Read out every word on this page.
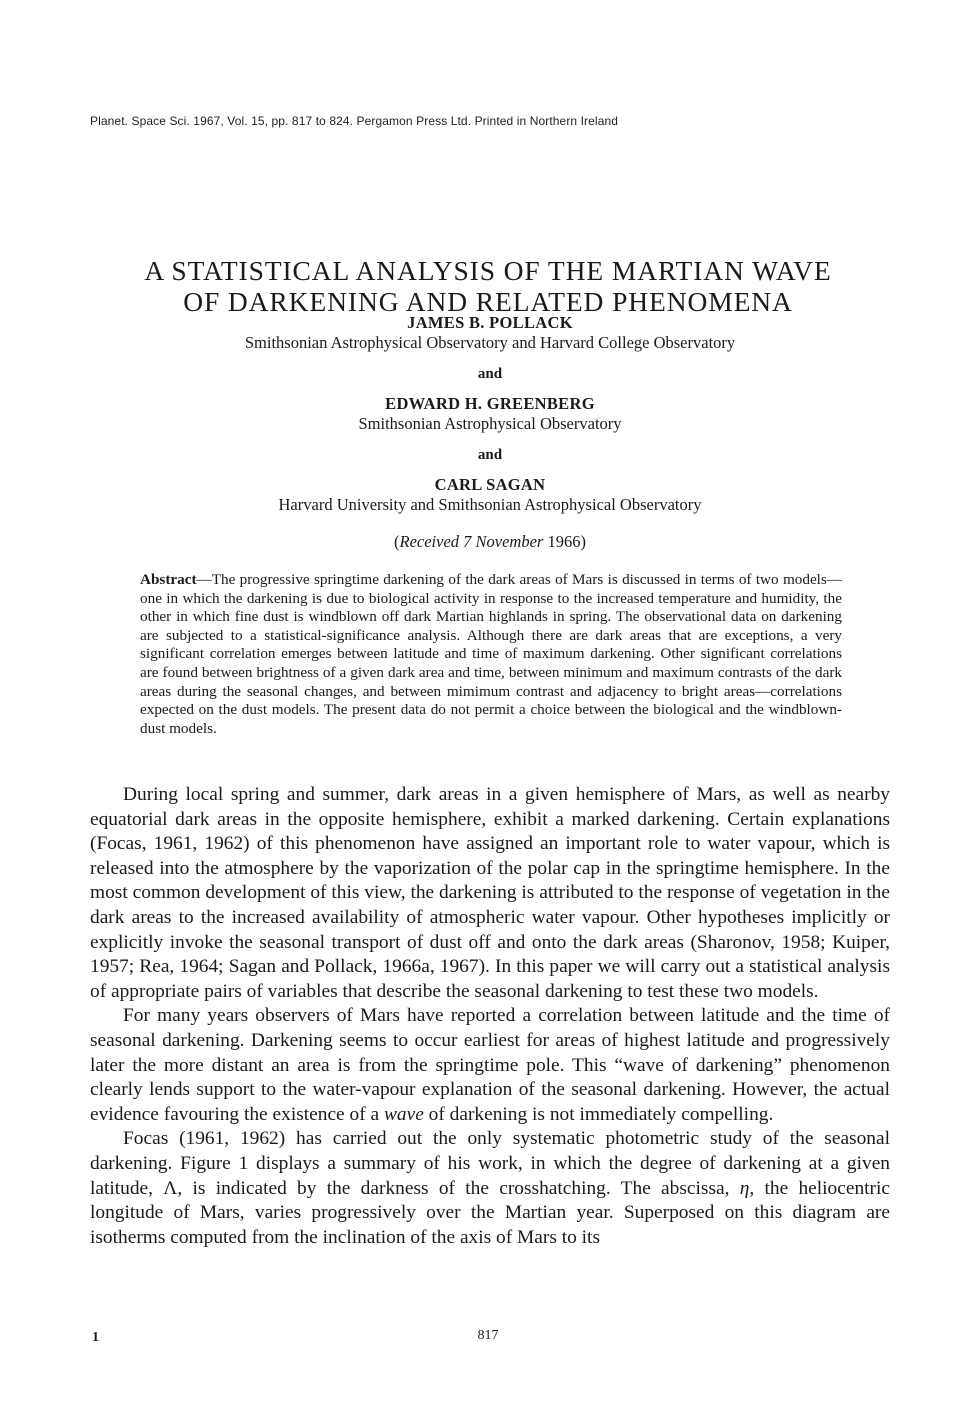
Planet. Space Sci. 1967, Vol. 15, pp. 817 to 824. Pergamon Press Ltd. Printed in Northern Ireland
A STATISTICAL ANALYSIS OF THE MARTIAN WAVE
OF DARKENING AND RELATED PHENOMENA
JAMES B. POLLACK
Smithsonian Astrophysical Observatory and Harvard College Observatory
and
EDWARD H. GREENBERG
Smithsonian Astrophysical Observatory
and
CARL SAGAN
Harvard University and Smithsonian Astrophysical Observatory
(Received 7 November 1966)

Abstract—The progressive springtime darkening of the dark areas of Mars is discussed in terms of two models—one in which the darkening is due to biological activity in response to the increased temperature and humidity, the other in which fine dust is windblown off dark Martian highlands in spring. The observational data on darkening are subjected to a statistical-significance analysis. Although there are dark areas that are exceptions, a very significant correlation emerges between latitude and time of maximum darkening. Other significant correlations are found between brightness of a given dark area and time, between minimum and maximum contrasts of the dark areas during the seasonal changes, and between mimimum contrast and adjacency to bright areas—correlations expected on the dust models. The present data do not permit a choice between the biological and the windblown-dust models.

During local spring and summer, dark areas in a given hemisphere of Mars, as well as nearby equatorial dark areas in the opposite hemisphere, exhibit a marked darkening. Certain explanations (Focas, 1961, 1962) of this phenomenon have assigned an important role to water vapour, which is released into the atmosphere by the vaporization of the polar cap in the springtime hemisphere. In the most common development of this view, the darkening is attributed to the response of vegetation in the dark areas to the increased availability of atmospheric water vapour. Other hypotheses implicitly or explicitly invoke the seasonal transport of dust off and onto the dark areas (Sharonov, 1958; Kuiper, 1957; Rea, 1964; Sagan and Pollack, 1966a, 1967). In this paper we will carry out a statistical analysis of appropriate pairs of variables that describe the seasonal darkening to test these two models.

For many years observers of Mars have reported a correlation between latitude and the time of seasonal darkening. Darkening seems to occur earliest for areas of highest latitude and progressively later the more distant an area is from the springtime pole. This “wave of darkening” phenomenon clearly lends support to the water-vapour explanation of the seasonal darkening. However, the actual evidence favouring the existence of a wave of darkening is not immediately compelling.

Focas (1961, 1962) has carried out the only systematic photometric study of the seasonal darkening. Figure 1 displays a summary of his work, in which the degree of darkening at a given latitude, Λ, is indicated by the darkness of the crosshatching. The abscissa, η, the heliocentric longitude of Mars, varies progressively over the Martian year. Superposed on this diagram are isotherms computed from the inclination of the axis of Mars to its

1	817
